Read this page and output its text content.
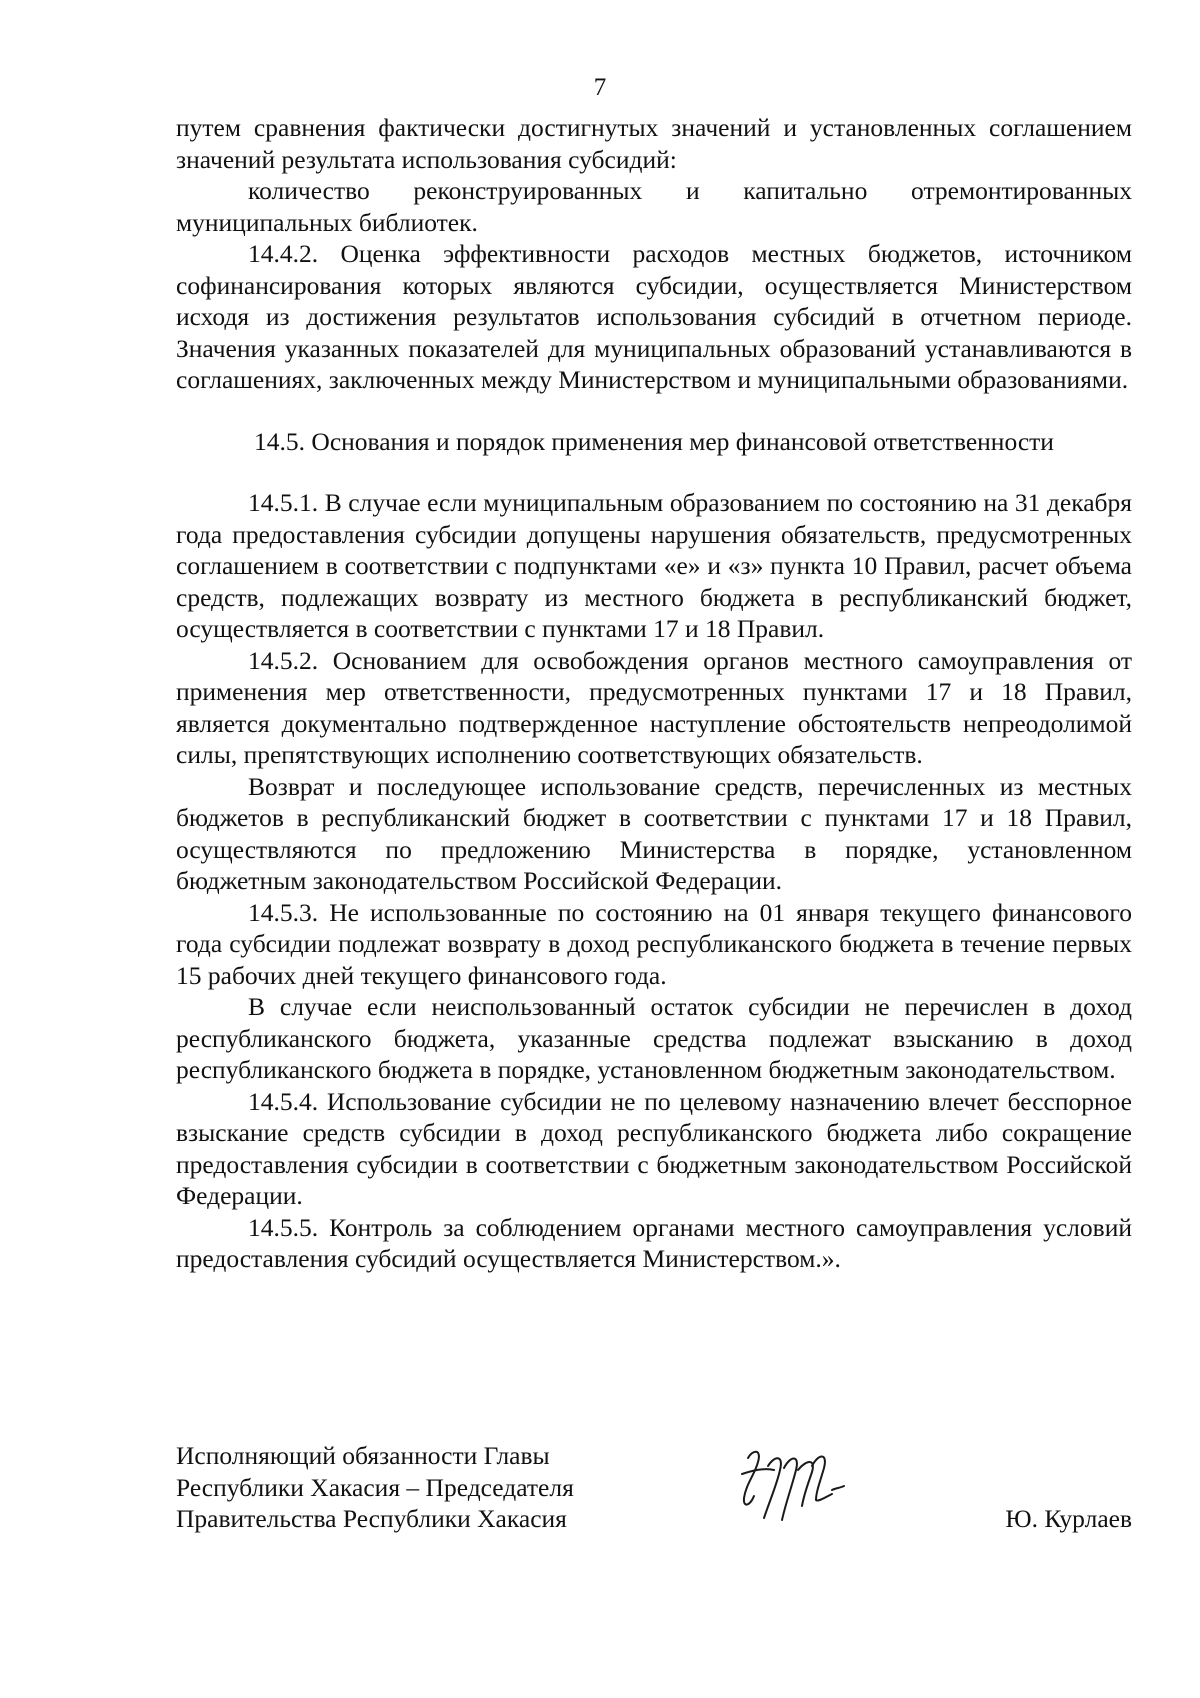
7

путем сравнения фактически достигнутых значений и установленных соглашением значений результата использования субсидий:

количество реконструированных и капитально отремонтированных муниципальных библиотек.

14.4.2. Оценка эффективности расходов местных бюджетов, источником софинансирования которых являются субсидии, осуществляется Министерством исходя из достижения результатов использования субсидий в отчетном периоде. Значения указанных показателей для муниципальных образований устанавливаются в соглашениях, заключенных между Министерством и муниципальными образованиями.

14.5. Основания и порядок применения мер финансовой ответственности

14.5.1. В случае если муниципальным образованием по состоянию на 31 декабря года предоставления субсидии допущены нарушения обязательств, предусмотренных соглашением в соответствии с подпунктами «е» и «з» пункта 10 Правил, расчет объема средств, подлежащих возврату из местного бюджета в республиканский бюджет, осуществляется в соответствии с пунктами 17 и 18 Правил.

14.5.2. Основанием для освобождения органов местного самоуправления от применения мер ответственности, предусмотренных пунктами 17 и 18 Правил, является документально подтвержденное наступление обстоятельств непреодолимой силы, препятствующих исполнению соответствующих обязательств.

Возврат и последующее использование средств, перечисленных из местных бюджетов в республиканский бюджет в соответствии с пунктами 17 и 18 Правил, осуществляются по предложению Министерства в порядке, установленном бюджетным законодательством Российской Федерации.

14.5.3. Не использованные по состоянию на 01 января текущего финансового года субсидии подлежат возврату в доход республиканского бюджета в течение первых 15 рабочих дней текущего финансового года.

В случае если неиспользованный остаток субсидии не перечислен в доход республиканского бюджета, указанные средства подлежат взысканию в доход республиканского бюджета в порядке, установленном бюджетным законодательством.

14.5.4. Использование субсидии не по целевому назначению влечет бесспорное взыскание средств субсидии в доход республиканского бюджета либо сокращение предоставления субсидии в соответствии с бюджетным законодательством Российской Федерации.

14.5.5. Контроль за соблюдением органами местного самоуправления условий предоставления субсидий осуществляется Министерством.».

Исполняющий обязанности Главы
Республики Хакасия – Председателя
Правительства Республики Хакасия	Ю. Курлаев
